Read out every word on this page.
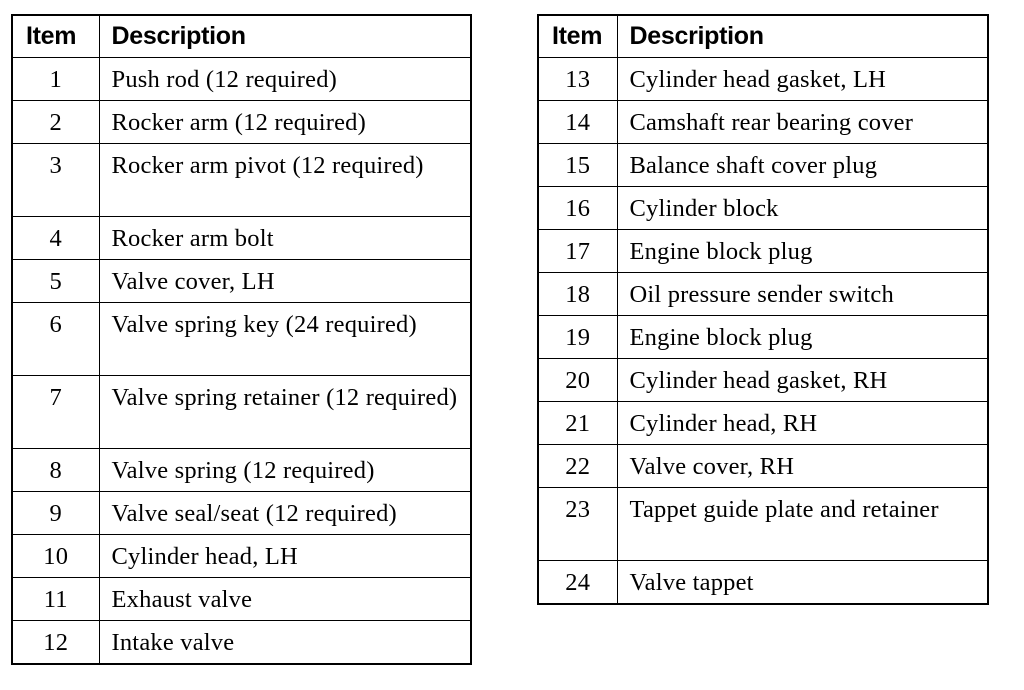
Item	Description
1	Push rod (12 required)
2	Rocker arm (12 required)
3	Rocker arm pivot (12 required)
4	Rocker arm bolt
5	Valve cover, LH
6	Valve spring key (24 required)
7	Valve spring retainer (12 required)
8	Valve spring (12 required)
9	Valve seal/seat (12 required)
10	Cylinder head, LH
11	Exhaust valve
12	Intake valve
Item	Description
13	Cylinder head gasket, LH
14	Camshaft rear bearing cover
15	Balance shaft cover plug
16	Cylinder block
17	Engine block plug
18	Oil pressure sender switch
19	Engine block plug
20	Cylinder head gasket, RH
21	Cylinder head, RH
22	Valve cover, RH
23	Tappet guide plate and retainer
24	Valve tappet
